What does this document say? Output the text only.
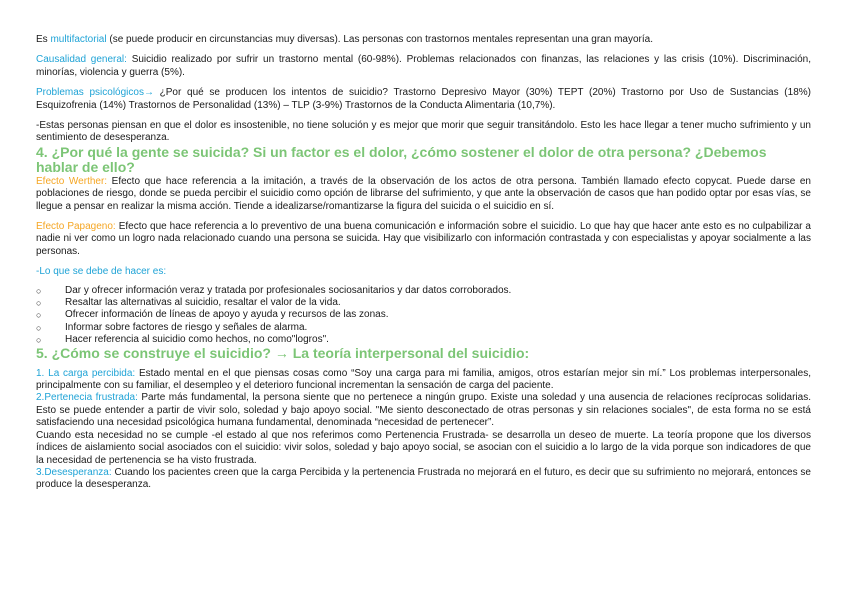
Es multifactorial (se puede producir en circunstancias muy diversas). Las personas con trastornos mentales representan una gran mayoría.

Causalidad general: Suicidio realizado por sufrir un trastorno mental (60-98%). Problemas relacionados con finanzas, las relaciones y las crisis (10%). Discriminación, minorías, violencia y guerra (5%).

Problemas psicológicos→ ¿Por qué se producen los intentos de suicidio? Trastorno Depresivo Mayor (30%) TEPT (20%) Trastorno por Uso de Sustancias (18%) Esquizofrenia (14%) Trastornos de Personalidad (13%) – TLP (3-9%) Trastornos de la Conducta Alimentaria (10,7%).

-Estas personas piensan en que el dolor es insostenible, no tiene solución y es mejor que morir que seguir transitándolo. Esto les hace llegar a tener mucho sufrimiento y un sentimiento de desesperanza.

4. ¿Por qué la gente se suicida? Si un factor es el dolor, ¿cómo sostener el dolor de otra persona? ¿Debemos hablar de ello?

Efecto Werther: Efecto que hace referencia a la imitación, a través de la observación de los actos de otra persona. También llamado efecto copycat. Puede darse en poblaciones de riesgo, donde se pueda percibir el suicidio como opción de librarse del sufrimiento, y que ante la observación de casos que han podido optar por esas vías, se llegue a pensar en realizar la misma acción. Tiende a idealizarse/romantizarse la figura del suicida o el suicidio en sí.

Efecto Papageno: Efecto que hace referencia a lo preventivo de una buena comunicación e información sobre el suicidio. Lo que hay que hacer ante esto es no culpabilizar a nadie ni ver como un logro nada relacionado cuando una persona se suicida. Hay que visibilizarlo con información contrastada y con especialistas y apoyar socialmente a las personas.

-Lo que se debe de hacer es:

○ Dar y ofrecer información veraz y tratada por profesionales sociosanitarios y dar datos corroborados.
○ Resaltar las alternativas al suicidio, resaltar el valor de la vida.
○ Ofrecer información de líneas de apoyo y ayuda y recursos de las zonas.
○ Informar sobre factores de riesgo y señales de alarma.
○ Hacer referencia al suicidio como hechos, no como"logros".
5. ¿Cómo se construye el suicidio? → La teoría interpersonal del suicidio:

1. La carga percibida: Estado mental en el que piensas cosas como “Soy una carga para mi familia, amigos, otros estarían mejor sin mí.” Los problemas interpersonales, principalmente con su familiar, el desempleo y el deterioro funcional incrementan la sensación de carga del paciente.

2.Pertenecia frustrada: Parte más fundamental, la persona siente que no pertenece a ningún grupo. Existe una soledad y una ausencia de relaciones recíprocas solidarias. Esto se puede entender a partir de vivir solo, soledad y bajo apoyo social. "Me siento desconectado de otras personas y sin relaciones sociales", de esta forma no se está satisfaciendo una necesidad psicológica humana fundamental, denominada “necesidad de pertenecer”.

Cuando esta necesidad no se cumple -el estado al que nos referimos como Pertenencia Frustrada- se desarrolla un deseo de muerte. La teoría propone que los diversos índices de aislamiento social asociados con el suicidio: vivir solos, soledad y bajo apoyo social, se asocian con el suicidio a lo largo de la vida porque son indicadores de que la necesidad de pertenencia se ha visto frustrada.

3.Desesperanza: Cuando los pacientes creen que la carga Percibida y la pertenencia Frustrada no mejorará en el futuro, es decir que su sufrimiento no mejorará, entonces se produce la desesperanza.
